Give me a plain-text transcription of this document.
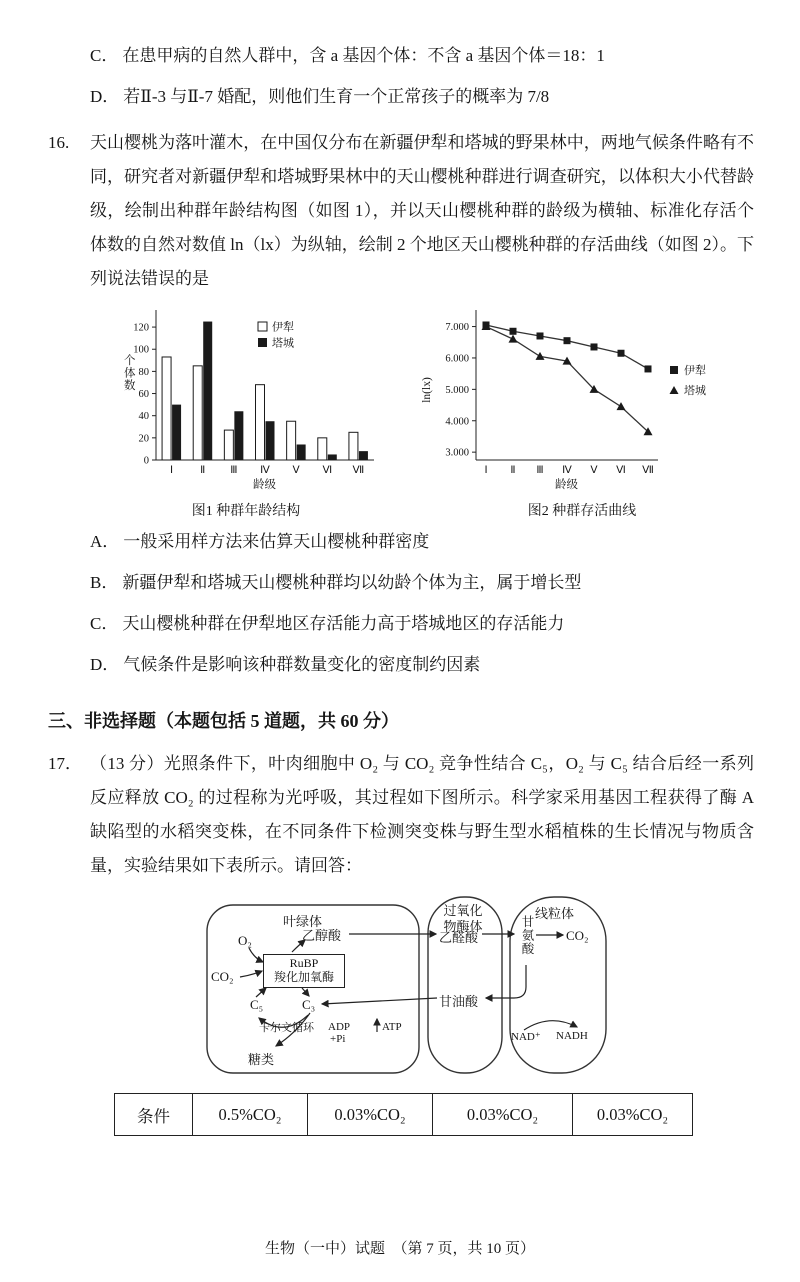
C． 在患甲病的自然人群中，含 a 基因个体：不含 a 基因个体＝18：1
D． 若Ⅱ-3 与Ⅱ-7 婚配，则他们生育一个正常孩子的概率为 7/8
16.	天山樱桃为落叶灌木，在中国仅分布在新疆伊犁和塔城的野果林中，两地气候条件略有不同，研究者对新疆伊犁和塔城野果林中的天山樱桃种群进行调查研究，以体积大小代替龄级，绘制出种群年龄结构图（如图 1），并以天山樱桃种群的龄级为横轴、标准化存活个体数的自然对数值 ln（lx）为纵轴，绘制 2 个地区天山樱桃种群的存活曲线（如图 2）。下列说法错误的是
0
20
40
60
80
100
120
个体数
Ⅰ	Ⅱ Ⅲ Ⅳ Ⅴ Ⅵ Ⅶ
龄级
伊犁
塔城
图1 种群年龄结构
3.000
4.000
5.000
6.000
7.000
ln(lx)
Ⅰ Ⅱ Ⅲ Ⅳ Ⅴ Ⅵ Ⅶ
龄级
伊犁
塔城
图2 种群存活曲线
A． 一般采用样方法来估算天山樱桃种群密度
B． 新疆伊犁和塔城天山樱桃种群均以幼龄个体为主，属于增长型
C． 天山樱桃种群在伊犁地区存活能力高于塔城地区的存活能力
D． 气候条件是影响该种群数量变化的密度制约因素
三、非选择题（本题包括 5 道题，共 60 分）
17． （13 分）光照条件下，叶肉细胞中 O₂ 与 CO₂ 竞争性结合 C₅，O₂ 与 C₅ 结合后经一系列反应释放 CO₂ 的过程称为光呼吸，其过程如下图所示。科学家采用基因工程获得了酶 A 缺陷型的水稻突变株，在不同条件下检测突变株与野生型水稻植株的生长情况与物质含量，实验结果如下表所示。请回答：
叶绿体
过氧化物酶体
线粒体
O₂	乙醇酸
RuBP
羧化加氧酶
CO₂
C₅	C₃
卡尔文循环 ADP
+Pi
ATP
糖类
乙醛酸
甘油酸
甘氨酸 CO₂
NAD⁺ NADH
条件	0.5%CO₂	0.03%CO₂	0.03%CO₂	0.03%CO₂
生物（一中）试题　（第 7 页，共 10 页）
